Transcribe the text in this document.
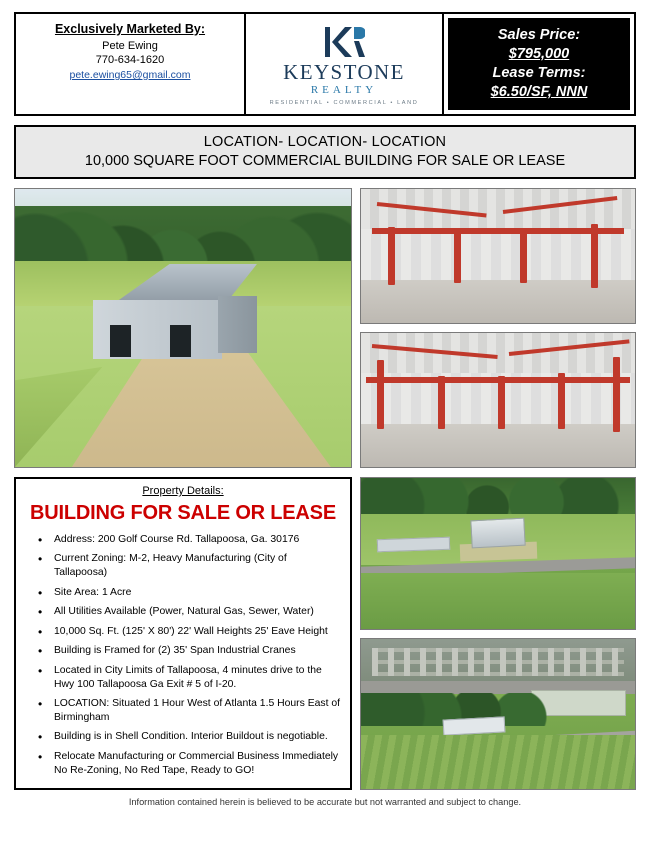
Exclusively Marketed By:
Pete Ewing
770-634-1620
pete.ewing65@gmail.com	KEYSTONE
REALTY
RESIDENTIAL • COMMERCIAL • LAND
Sales Price:
$795,000
Lease Terms:
$6.50/SF, NNN
LOCATION- LOCATION- LOCATION
10,000 SQUARE FOOT COMMERCIAL BUILDING FOR SALE OR LEASE
Property Details:
BUILDING FOR SALE OR LEASE
• Address: 200 Golf Course Rd. Tallapoosa, Ga. 30176
• Current Zoning: M-2, Heavy Manufacturing (City of Tallapoosa)
• Site Area: 1 Acre
• All Utilities Available (Power, Natural Gas, Sewer, Water)
• 10,000 Sq. Ft. (125' X 80') 22' Wall Heights 25' Eave Height
• Building is Framed for (2) 35' Span Industrial Cranes
• Located in City Limits of Tallapoosa, 4 minutes drive to the Hwy 100 Tallapoosa Ga Exit # 5 of I-20.
• LOCATION: Situated 1 Hour West of Atlanta 1.5 Hours East of Birmingham
• Building is in Shell Condition. Interior Buildout is negotiable.
• Relocate Manufacturing or Commercial Business Immediately No Re-Zoning, No Red Tape, Ready to GO!
Information contained herein is believed to be accurate but not warranted and subject to change.
